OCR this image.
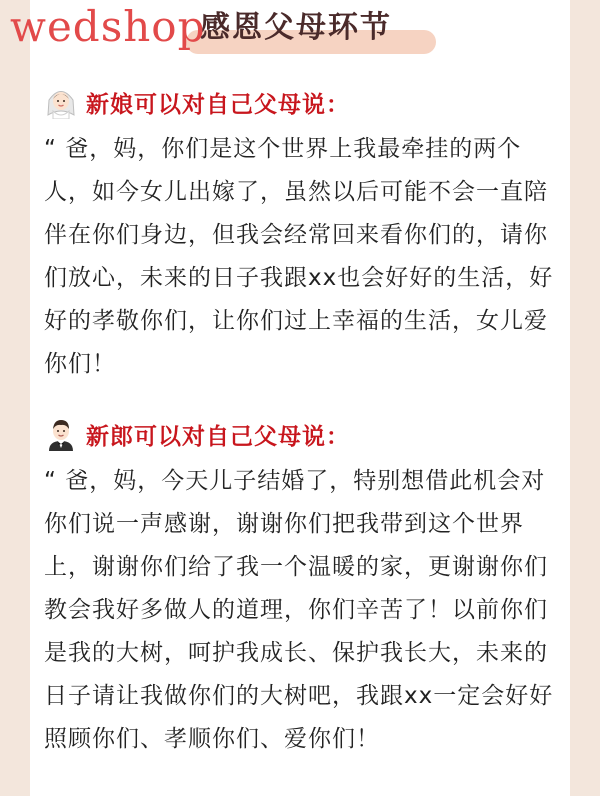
wedshop
感恩父母环节
新娘可以对自己父母说：
“ 爸，妈，你们是这个世界上我最牵挂的两个人，如今女儿出嫁了，虽然以后可能不会一直陪伴在你们身边，但我会经常回来看你们的，请你们放心，未来的日子我跟xx也会好好的生活，好好的孝敬你们，让你们过上幸福的生活，女儿爱你们！
新郎可以对自己父母说：
“ 爸，妈，今天儿子结婚了，特别想借此机会对你们说一声感谢，谢谢你们把我带到这个世界上，谢谢你们给了我一个温暖的家，更谢谢你们教会我好多做人的道理，你们辛苦了！以前你们是我的大树，呵护我成长、保护我长大，未来的日子请让我做你们的大树吧，我跟xx一定会好好照顾你们、孝顺你们、爱你们！
